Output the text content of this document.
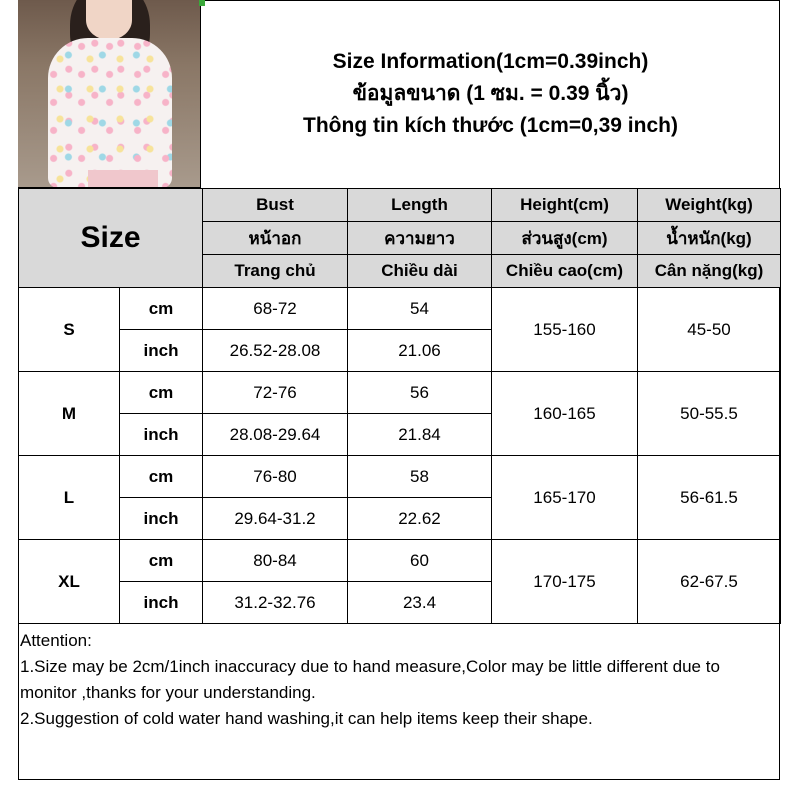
Size Information(1cm=0.39inch)
ข้อมูลขนาด (1 ซม. = 0.39 นิ้ว)
Thông tin kích thước (1cm=0,39 inch)
Size		Bust	Length	Height(cm)	Weight(kg)
		หน้าอก	ความยาว	ส่วนสูง(cm)	น้ำหนัก(kg)
		Trang chủ	Chiều dài	Chiều cao(cm)	Cân nặng(kg)
S	cm	68-72	54	155-160	45-50
	inch	26.52-28.08	21.06		
M	cm	72-76	56	160-165	50-55.5
	inch	28.08-29.64	21.84		
L	cm	76-80	58	165-170	56-61.5
	inch	29.64-31.2	22.62		
XL	cm	80-84	60	170-175	62-67.5
	inch	31.2-32.76	23.4		
Attention:
1.Size may be 2cm/1inch inaccuracy due to hand measure,Color may be little different due to monitor ,thanks for your understanding.
2.Suggestion of cold water hand washing,it can help items keep their shape.
